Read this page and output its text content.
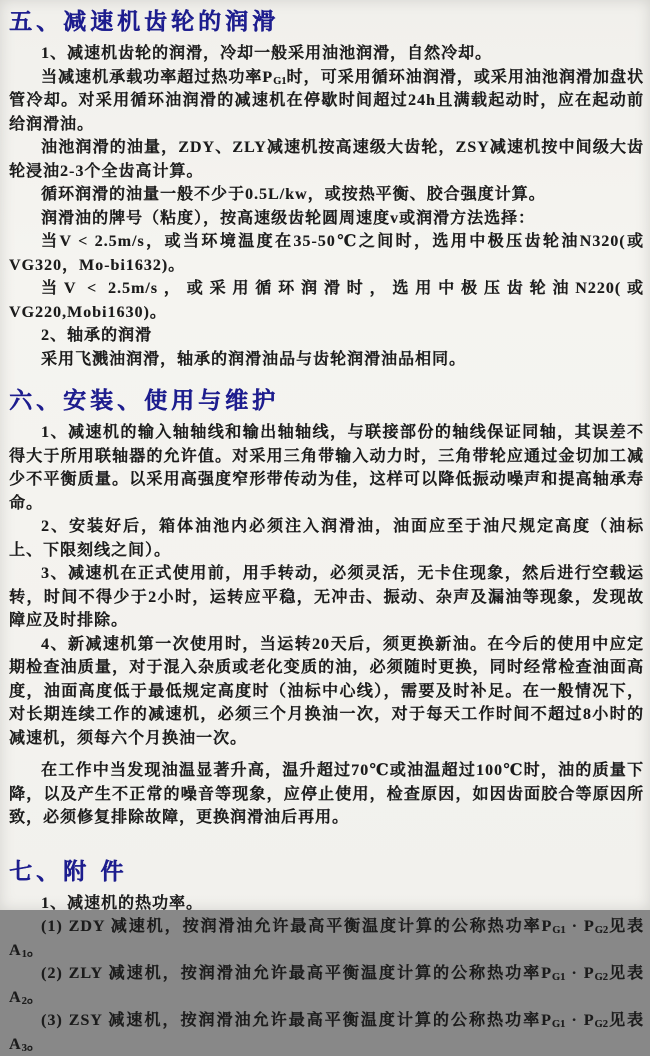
五、减速机齿轮的润滑

1、减速机齿轮的润滑，冷却一般采用油池润滑，自然冷却。

当减速机承载功率超过热功率$P_{G1}$时，可采用循环油润滑，或采用油池润滑加盘状管冷却。对采用循环油润滑的减速机在停歇时间超过24h且满载起动时，应在起动前给润滑油。

油池润滑的油量，ZDY、ZLY减速机按高速级大齿轮，ZSY减速机按中间级大齿轮浸油2-3个全齿高计算。

循环润滑的油量一般不少于0.5L/kw，或按热平衡、胶合强度计算。

润滑油的牌号（粘度），按高速级齿轮圆周速度v或润滑方法选择：

当V < 2.5m/s，或当环境温度在35-50℃之间时，选用中极压齿轮油N320(或VG320，Mo-bi1632)。

当V < 2.5m/s，或采用循环润滑时，选用中极压齿轮油N220(或VG220,Mobi1630)。

2、轴承的润滑

采用飞溅油润滑，轴承的润滑油品与齿轮润滑油品相同。

六、安装、使用与维护

1、减速机的输入轴轴线和输出轴轴线，与联接部份的轴线保证同轴，其误差不得大于所用联轴器的允许值。对采用三角带输入动力时，三角带轮应通过金切加工减少不平衡质量。以采用高强度窄形带传动为佳，这样可以降低振动噪声和提高轴承寿命。

2、安装好后，箱体油池内必须注入润滑油，油面应至于油尺规定高度（油标上、下限刻线之间）。

3、减速机在正式使用前，用手转动，必须灵活，无卡住现象，然后进行空载运转，时间不得少于2小时，运转应平稳，无冲击、振动、杂声及漏油等现象，发现故障应及时排除。

4、新减速机第一次使用时，当运转20天后，须更换新油。在今后的使用中应定期检查油质量，对于混入杂质或老化变质的油，必须随时更换，同时经常检查油面高度，油面高度低于最低规定高度时（油标中心线），需要及时补足。在一般情况下，对长期连续工作的减速机，必须三个月换油一次，对于每天工作时间不超过8小时的减速机，须每六个月换油一次。

在工作中当发现油温显著升高，温升超过70℃或油温超过100℃时，油的质量下降，以及产生不正常的噪音等现象，应停止使用，检查原因，如因齿面胶合等原因所致，必须修复排除故障，更换润滑油后再用。

七、附 件

1、减速机的热功率。

(1) ZDY 减速机，按润滑油允许最高平衡温度计算的公称热功率$P_{G1} \cdot P_{G2}$见表$A_1$。

(2) ZLY 减速机，按润滑油允许最高平衡温度计算的公称热功率$P_{G1} \cdot P_{G2}$见表$A_2$。

(3) ZSY 减速机，按润滑油允许最高平衡温度计算的公称热功率$P_{G1} \cdot P_{G2}$见表$A_3$。
